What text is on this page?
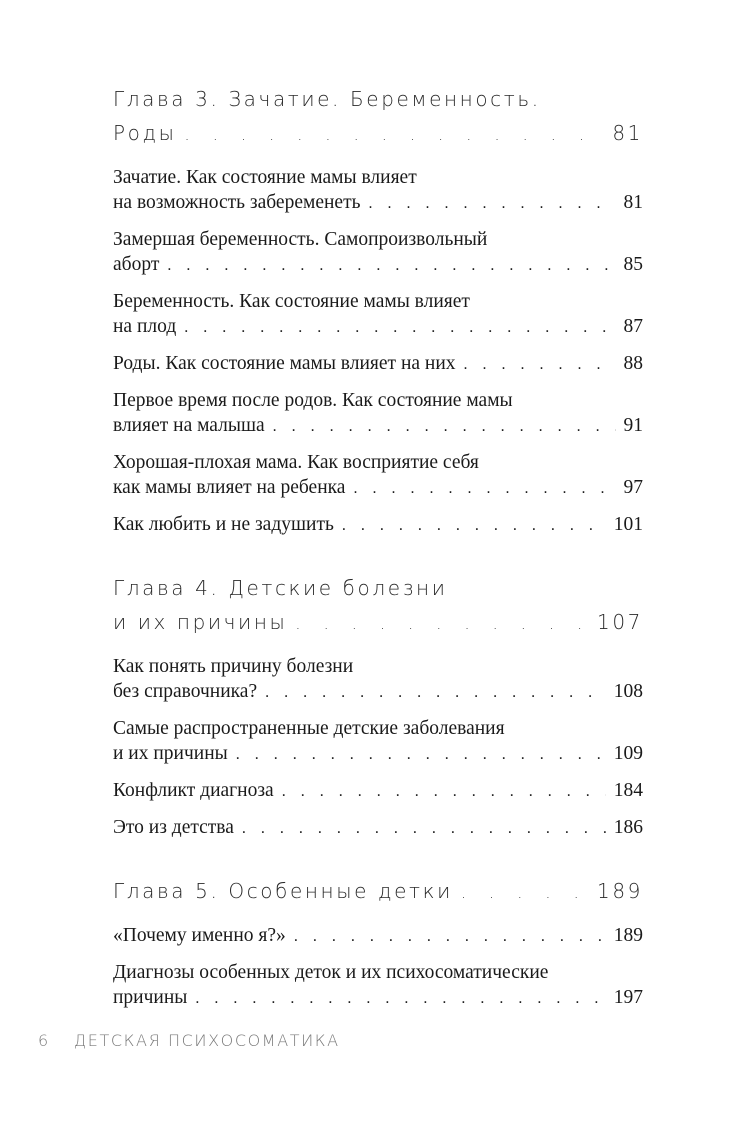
Глава 3. Зачатие. Беременность.
Роды . . .	81
Зачатие. Как состояние мамы влияет
на возможность забеременеть . . .	81
Замершая беременность. Самопроизвольный
аборт . . .	85
Беременность. Как состояние мамы влияет
на плод . . .	87
Роды. Как состояние мамы влияет на них . . .	88
Первое время после родов. Как состояние мамы
влияет на малыша . . .	91
Хорошая-плохая мама. Как восприятие себя
как мамы влияет на ребенка . . .	97
Как любить и не задушить . . .	101
Глава 4. Детские болезни
и их причины . . .	107
Как понять причину болезни
без справочника? . . .	108
Самые распространенные детские заболевания
и их причины . . .	109
Конфликт диагноза . . .	184
Это из детства . . .	186
Глава 5. Особенные детки . . .	189
«Почему именно я?» . . .	189
Диагнозы особенных деток и их психосоматические
причины . . .	197
6 ДЕТСКАЯ ПСИХОСОМАТИКА
